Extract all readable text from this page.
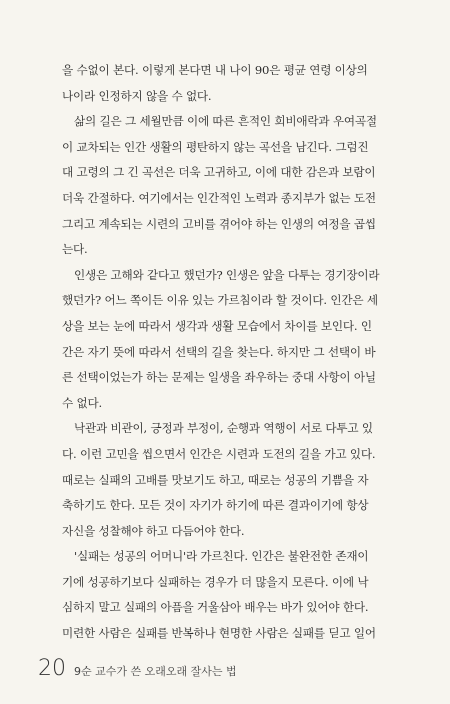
을 수없이 본다. 이렇게 본다면 내 나이 90은 평균 연령 이상의
나이라 인정하지 않을 수 없다.

삶의 길은 그 세월만큼 이에 따른 흔적인 희비애락과 우여곡절
이 교차되는 인간 생활의 평탄하지 않는 곡선을 남긴다. 그럼진
대 고령의 그 긴 곡선은 더욱 고귀하고, 이에 대한 감은과 보람이
더욱 간절하다. 여기에서는 인간적인 노력과 종지부가 없는 도전
그리고 계속되는 시련의 고비를 겪어야 하는 인생의 여정을 곱씹
는다.

인생은 고해와 같다고 했던가? 인생은 앞을 다투는 경기장이라
했던가? 어느 쪽이든 이유 있는 가르침이라 할 것이다. 인간은 세
상을 보는 눈에 따라서 생각과 생활 모습에서 차이를 보인다. 인
간은 자기 뜻에 따라서 선택의 길을 찾는다. 하지만 그 선택이 바
른 선택이었는가 하는 문제는 일생을 좌우하는 중대 사항이 아닐
수 없다.

낙관과 비관이, 긍정과 부정이, 순행과 역행이 서로 다투고 있
다. 이런 고민을 씹으면서 인간은 시련과 도전의 길을 가고 있다.
때로는 실패의 고배를 맛보기도 하고, 때로는 성공의 기쁨을 자
축하기도 한다. 모든 것이 자기가 하기에 따른 결과이기에 항상
자신을 성찰해야 하고 다듬어야 한다.

'실패는 성공의 어머니'라 가르친다. 인간은 불완전한 존재이
기에 성공하기보다 실패하는 경우가 더 많을지 모른다. 이에 낙
심하지 말고 실패의 아픔을 거울삼아 배우는 바가 있어야 한다.
미련한 사람은 실패를 반복하나 현명한 사람은 실패를 딛고 일어

20 9순 교수가 쓴 오래오래 잘사는 법
